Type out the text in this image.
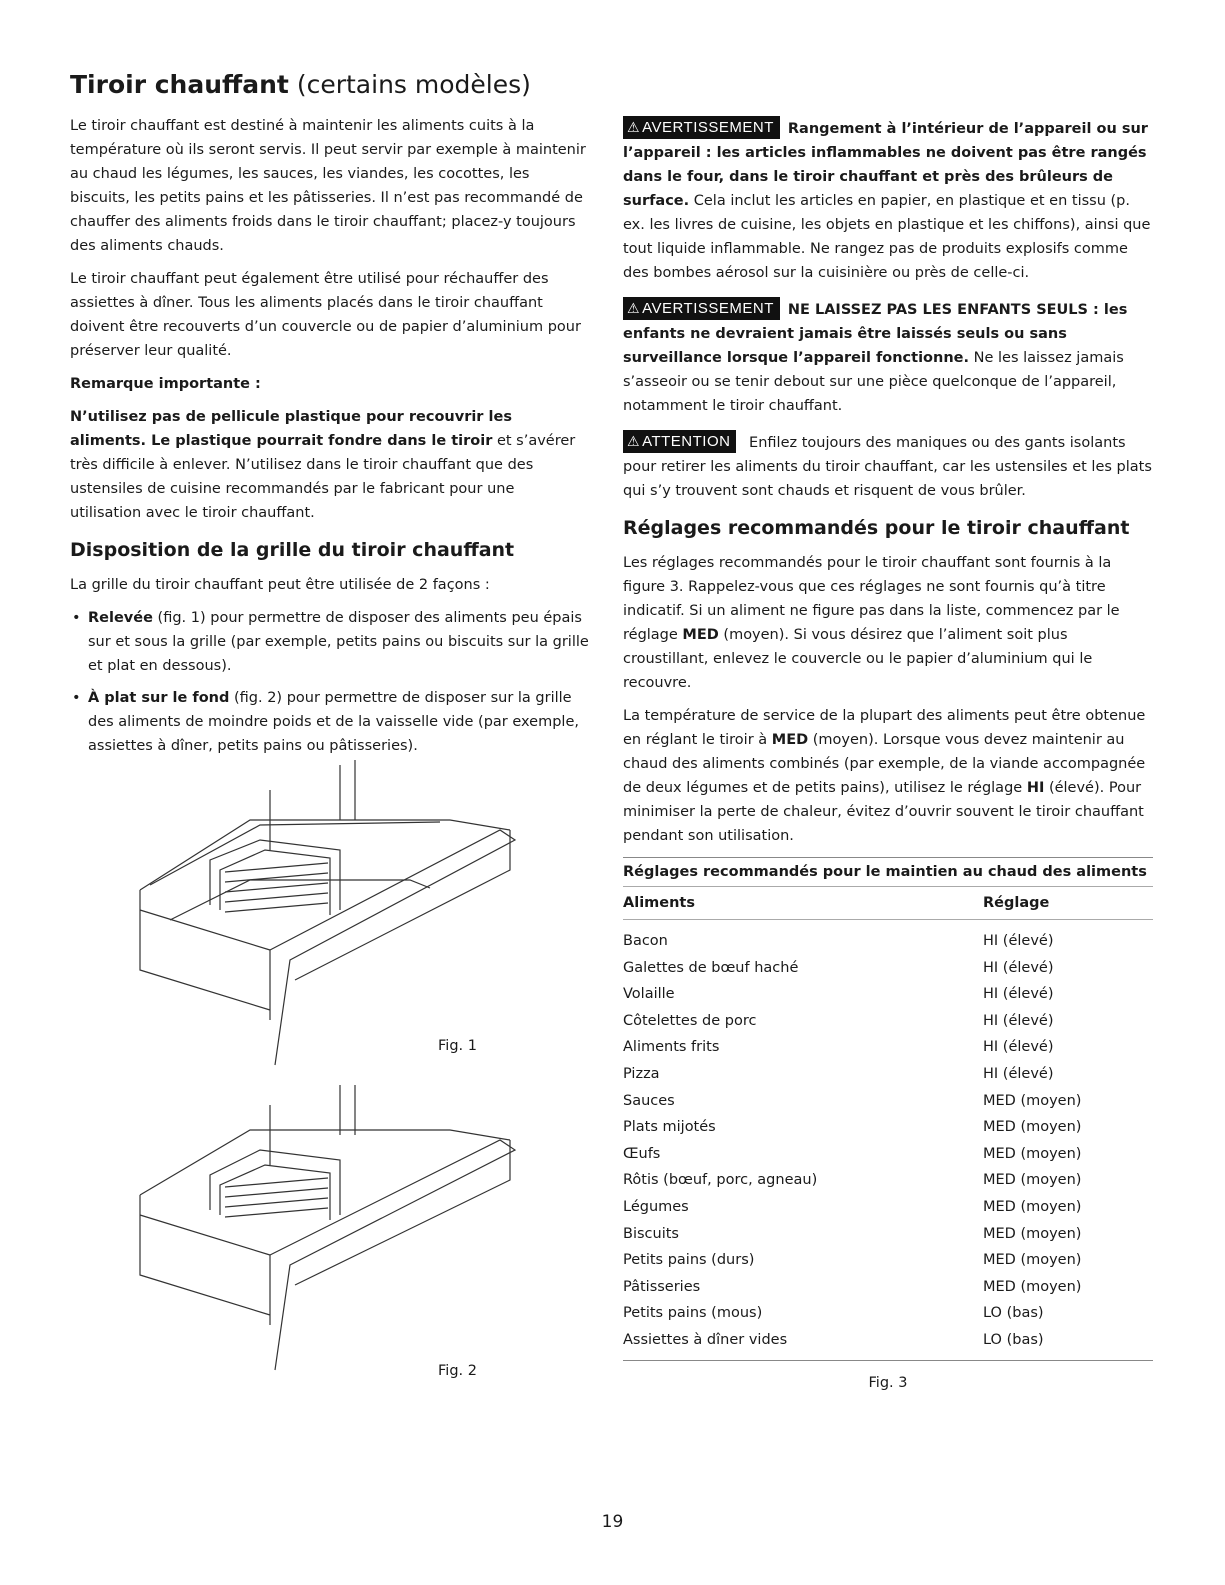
Tiroir chauffant (certains modèles)

Le tiroir chauffant est destiné à maintenir les aliments cuits à la température où ils seront servis. Il peut servir par exemple à maintenir au chaud les légumes, les sauces, les viandes, les cocottes, les biscuits, les petits pains et les pâtisseries. Il n’est pas recommandé de chauffer des aliments froids dans le tiroir chauffant; placez-y toujours des aliments chauds.

Le tiroir chauffant peut également être utilisé pour réchauffer des assiettes à dîner. Tous les aliments placés dans le tiroir chauffant doivent être recouverts d’un couvercle ou de papier d’aluminium pour préserver leur qualité.

Remarque importante :

N’utilisez pas de pellicule plastique pour recouvrir les aliments. Le plastique pourrait fondre dans le tiroir et s’avérer très difficile à enlever. N’utilisez dans le tiroir chauffant que des ustensiles de cuisine recommandés par le fabricant pour une utilisation avec le tiroir chauffant.

Disposition de la grille du tiroir chauffant

La grille du tiroir chauffant peut être utilisée de 2 façons :

• Relevée (fig. 1) pour permettre de disposer des aliments peu épais sur et sous la grille (par exemple, petits pains ou biscuits sur la grille et plat en dessous).
• À plat sur le fond (fig. 2) pour permettre de disposer sur la grille des aliments de moindre poids et de la vaisselle vide (par exemple, assiettes à dîner, petits pains ou pâtisseries).
Fig. 1
Fig. 2

⚠ AVERTISSEMENT Rangement à l’intérieur de l’appareil ou sur l’appareil : les articles inflammables ne doivent pas être rangés dans le four, dans le tiroir chauffant et près des brûleurs de surface. Cela inclut les articles en papier, en plastique et en tissu (p. ex. les livres de cuisine, les objets en plastique et les chiffons), ainsi que tout liquide inflammable. Ne rangez pas de produits explosifs comme des bombes aérosol sur la cuisinière ou près de celle-ci.

⚠ AVERTISSEMENT NE LAISSEZ PAS LES ENFANTS SEULS : les enfants ne devraient jamais être laissés seuls ou sans surveillance lorsque l’appareil fonctionne. Ne les laissez jamais s’asseoir ou se tenir debout sur une pièce quelconque de l’appareil, notamment le tiroir chauffant.

⚠ ATTENTION Enfilez toujours des maniques ou des gants isolants pour retirer les aliments du tiroir chauffant, car les ustensiles et les plats qui s’y trouvent sont chauds et risquent de vous brûler.

Réglages recommandés pour le tiroir chauffant

Les réglages recommandés pour le tiroir chauffant sont fournis à la figure 3. Rappelez-vous que ces réglages ne sont fournis qu’à titre indicatif. Si un aliment ne figure pas dans la liste, commencez par le réglage MED (moyen). Si vous désirez que l’aliment soit plus croustillant, enlevez le couvercle ou le papier d’aluminium qui le recouvre.

La température de service de la plupart des aliments peut être obtenue en réglant le tiroir à MED (moyen). Lorsque vous devez maintenir au chaud des aliments combinés (par exemple, de la viande accompagnée de deux légumes et de petits pains), utilisez le réglage HI (élevé). Pour minimiser la perte de chaleur, évitez d’ouvrir souvent le tiroir chauffant pendant son utilisation.

Réglages recommandés pour le maintien au chaud des aliments
Aliments	Réglage
Bacon	HI (élevé)
Galettes de bœuf haché	HI (élevé)
Volaille	HI (élevé)
Côtelettes de porc	HI (élevé)
Aliments frits	HI (élevé)
Pizza	HI (élevé)
Sauces	MED (moyen)
Plats mijotés	MED (moyen)
Œufs	MED (moyen)
Rôtis (bœuf, porc, agneau)	MED (moyen)
Légumes	MED (moyen)
Biscuits	MED (moyen)
Petits pains (durs)	MED (moyen)
Pâtisseries	MED (moyen)
Petits pains (mous)	LO (bas)
Assiettes à dîner vides	LO (bas)
Fig. 3
19
